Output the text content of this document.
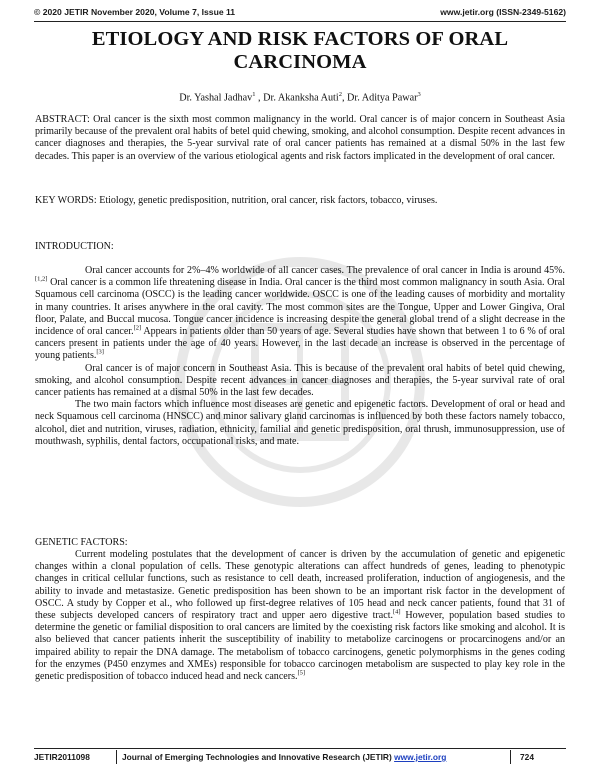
© 2020 JETIR November 2020, Volume 7, Issue 11	www.jetir.org (ISSN-2349-5162)
ETIOLOGY AND RISK FACTORS OF ORAL
CARCINOMA
Dr. Yashal Jadhav$^1$ , Dr. Akanksha Auti$^2$, Dr. Aditya Pawar$^3$

ABSTRACT: Oral cancer is the sixth most common malignancy in the world. Oral cancer is of major concern in Southeast Asia primarily because of the prevalent oral habits of betel quid chewing, smoking, and alcohol consumption. Despite recent advances in cancer diagnoses and therapies, the 5-year survival rate of oral cancer patients has remained at a dismal 50% in the last few decades. This paper is an overview of the various etiological agents and risk factors implicated in the development of oral cancer.

KEY WORDS: Etiology, genetic predisposition, nutrition, oral cancer, risk factors, tobacco, viruses.

INTRODUCTION:

Oral cancer accounts for 2%–4% worldwide of all cancer cases. The prevalence of oral cancer in India is around 45%.[1,2] Oral cancer is a common life threatening disease in India. Oral cancer is the third most common malignancy in south Asia. Oral Squamous cell carcinoma (OSCC) is the leading cancer worldwide. OSCC is one of the leading causes of morbidity and mortality in many countries. It arises anywhere in the oral cavity. The most common sites are the Tongue, Upper and Lower Gingiva, Oral floor, Palate, and Buccal mucosa. Tongue cancer incidence is increasing despite the general global trend of a slight decrease in the incidence of oral cancer.[2] Appears in patients older than 50 years of age. Several studies have shown that between 1 to 6 % of oral cancers present in patients under the age of 40 years. However, in the last decade an increase is observed in the percentage of young patients.[3]

Oral cancer is of major concern in Southeast Asia. This is because of the prevalent oral habits of betel quid chewing, smoking, and alcohol consumption. Despite recent advances in cancer diagnoses and therapies, the 5-year survival rate of oral cancer patients has remained at a dismal 50% in the last few decades.

The two main factors which influence most diseases are genetic and epigenetic factors. Development of oral or head and neck Squamous cell carcinoma (HNSCC) and minor salivary gland carcinomas is influenced by both these factors namely tobacco, alcohol, diet and nutrition, viruses, radiation, ethnicity, familial and genetic predisposition, oral thrush, immunosuppression, use of mouthwash, syphilis, dental factors, occupational risks, and mate.

GENETIC FACTORS:

Current modeling postulates that the development of cancer is driven by the accumulation of genetic and epigenetic changes within a clonal population of cells. These genotypic alterations can affect hundreds of genes, leading to phenotypic changes in critical cellular functions, such as resistance to cell death, increased proliferation, induction of angiogenesis, and the ability to invade and metastasize. Genetic predisposition has been shown to be an important risk factor in the development of OSCC. A study by Copper et al., who followed up first-degree relatives of 105 head and neck cancer patients, found that 31 of these subjects developed cancers of respiratory tract and upper aero digestive tract.[4] However, population based studies to determine the genetic or familial disposition to oral cancers are limited by the coexisting risk factors like smoking and alcohol. It is also believed that cancer patients inherit the susceptibility of inability to metabolize carcinogens or procarcinogens and/or an impaired ability to repair the DNA damage. The metabolism of tobacco carcinogens, genetic polymorphisms in the genes coding for the enzymes (P450 enzymes and XMEs) responsible for tobacco carcinogen metabolism are suspected to play key role in the genetic predisposition of tobacco induced head and neck cancers.[5]

JETIR2011098	Journal of Emerging Technologies and Innovative Research (JETIR) www.jetir.org	724
